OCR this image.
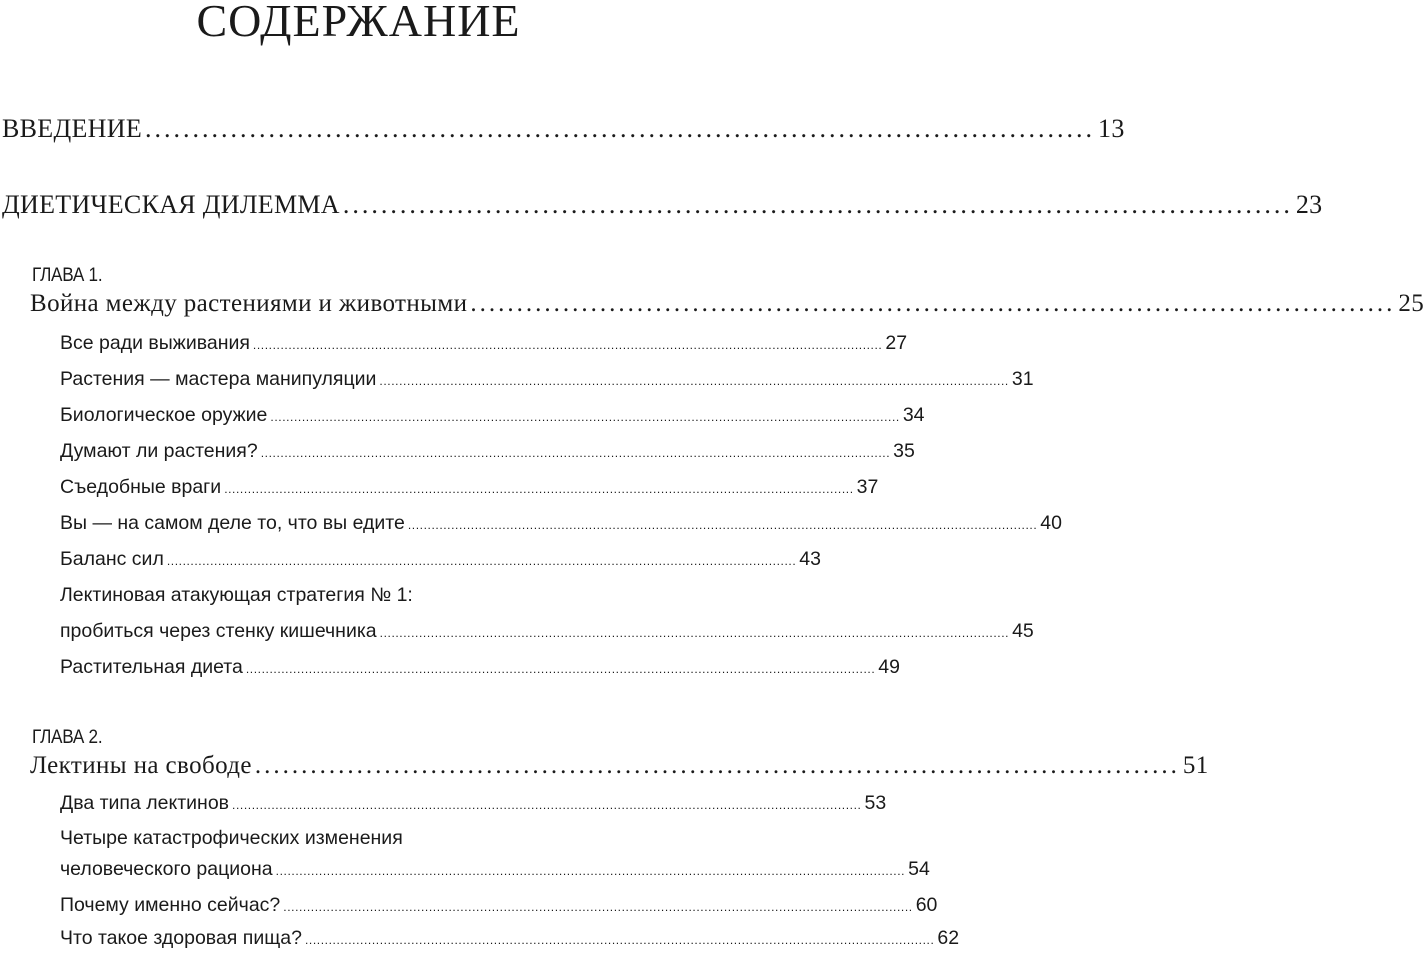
СОДЕРЖАНИЕ
ВВЕДЕНИЕ .................................................................................................... 13
ДИЕТИЧЕСКАЯ ДИЛЕММА .................................................................................................... 23
ГЛАВА 1.
Война между растениями и животными .................................................................................................... 25
Все ради выживания ................................................................................................................................................................ 27
Растения — мастера манипуляции ................................................................................................................................................................ 31
Биологическое оружие ................................................................................................................................................................ 34
Думают ли растения? ................................................................................................................................................................ 35
Съедобные враги ................................................................................................................................................................ 37
Вы — на самом деле то, что вы едите ................................................................................................................................................................ 40
Баланс сил ................................................................................................................................................................ 43
Лектиновая атакующая стратегия № 1:
пробиться через стенку кишечника ................................................................................................................................................................ 45
Растительная диета ................................................................................................................................................................ 49
ГЛАВА 2.
Лектины на свободе .................................................................................................... 51
Два типа лектинов ................................................................................................................................................................ 53
Четыре катастрофических изменения
человеческого рациона ................................................................................................................................................................ 54
Почему именно сейчас? ................................................................................................................................................................ 60
Что такое здоровая пища? ................................................................................................................................................................ 62
